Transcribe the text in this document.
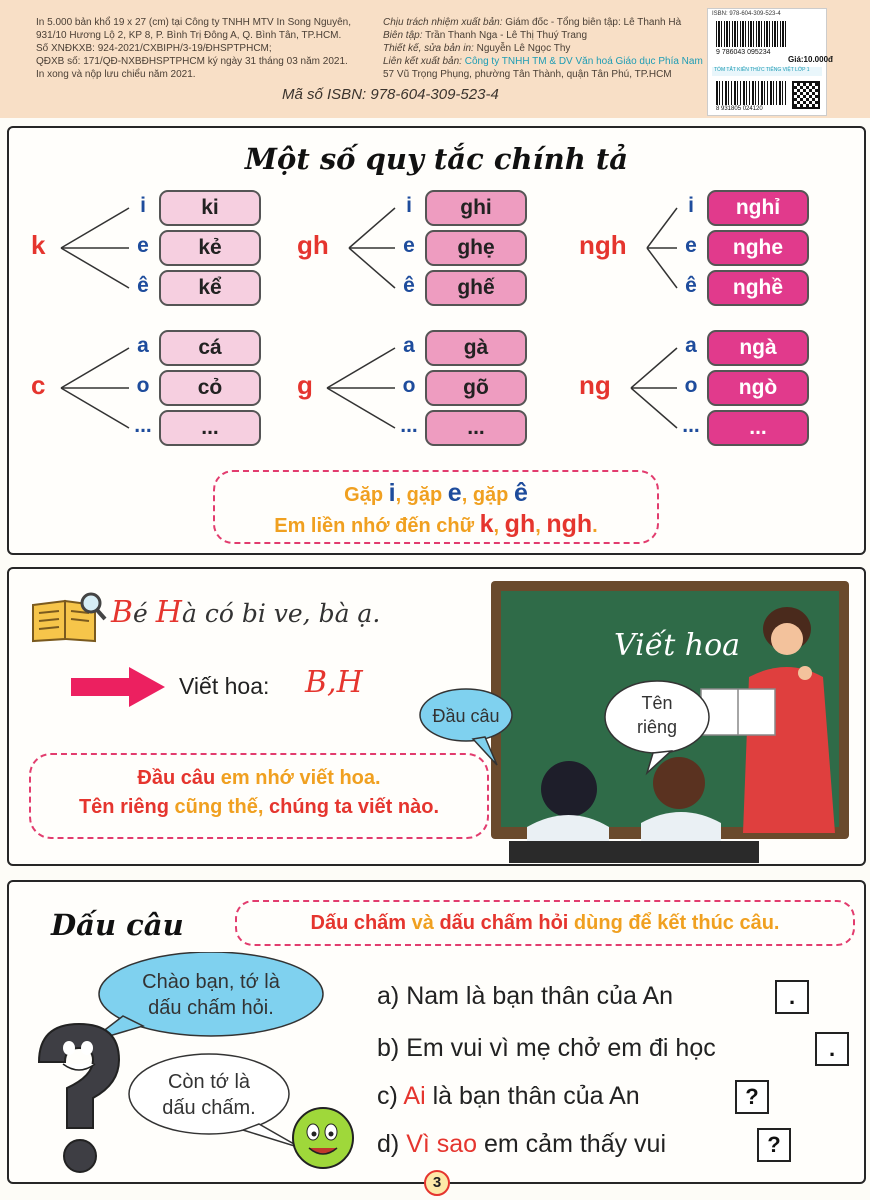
In 5.000 bản khổ 19 x 27 (cm) tại Công ty TNHH MTV In Song Nguyên,
931/10 Hương Lộ 2, KP 8, P. Bình Trị Đông A, Q. Bình Tân, TP.HCM.
Số XNĐKXB: 924-2021/CXBIPH/3-19/ĐHSPTPHCM;
QĐXB số: 171/QĐ-NXBĐHSPTPHCM ký ngày 31 tháng 03 năm 2021.
In xong và nộp lưu chiểu năm 2021.
Chịu trách nhiệm xuất bản: Giám đốc - Tổng biên tập: Lê Thanh Hà
Biên tập: Trần Thanh Nga - Lê Thị Thuý Trang
Thiết kế, sửa bản in: Nguyễn Lê Ngọc Thy
Liên kết xuất bản: Công ty TNHH TM & DV Văn hoá Giáo dục Phía Nam
57 Vũ Trọng Phụng, phường Tân Thành, quận Tân Phú, TP.HCM
Mã số ISBN: 978-604-309-523-4
ISBN: 978-604-309-523-4
9 786043 095234
Giá:10.000đ
TÓM TẮT KIẾN THỨC TIẾNG VIỆT LỚP 1
8 931805 024120
Một số quy tắc chính tả
k
i	ki
e	kẻ
ê	kể
gh
i	ghi
e	ghẹ
ê	ghế
ngh
i	nghỉ
e	nghe
ê	nghề
c
a	cá
o	cỏ
...	...
g
a	gà
o	gõ
...	...
ng
a	ngà
o	ngò
...	...
Gặp i, gặp e, gặp ê
Em liền nhớ đến chữ k, gh, ngh.
Bé Hà có bi ve, bà ạ.
Viết hoa: B,H
Đầu câu em nhớ viết hoa.
Tên riêng cũng thế, chúng ta viết nào.
Viết hoa
Đầu câu
Tên
riêng
Dấu câu	Dấu chấm và dấu chấm hỏi dùng để kết thúc câu.
Chào bạn, tớ là
dấu chấm hỏi.
Còn tớ là
dấu chấm.
a) Nam là bạn thân của An	.
b) Em vui vì mẹ chở em đi học	.
c) Ai là bạn thân của An	?
d) Vì sao em cảm thấy vui	?
3
